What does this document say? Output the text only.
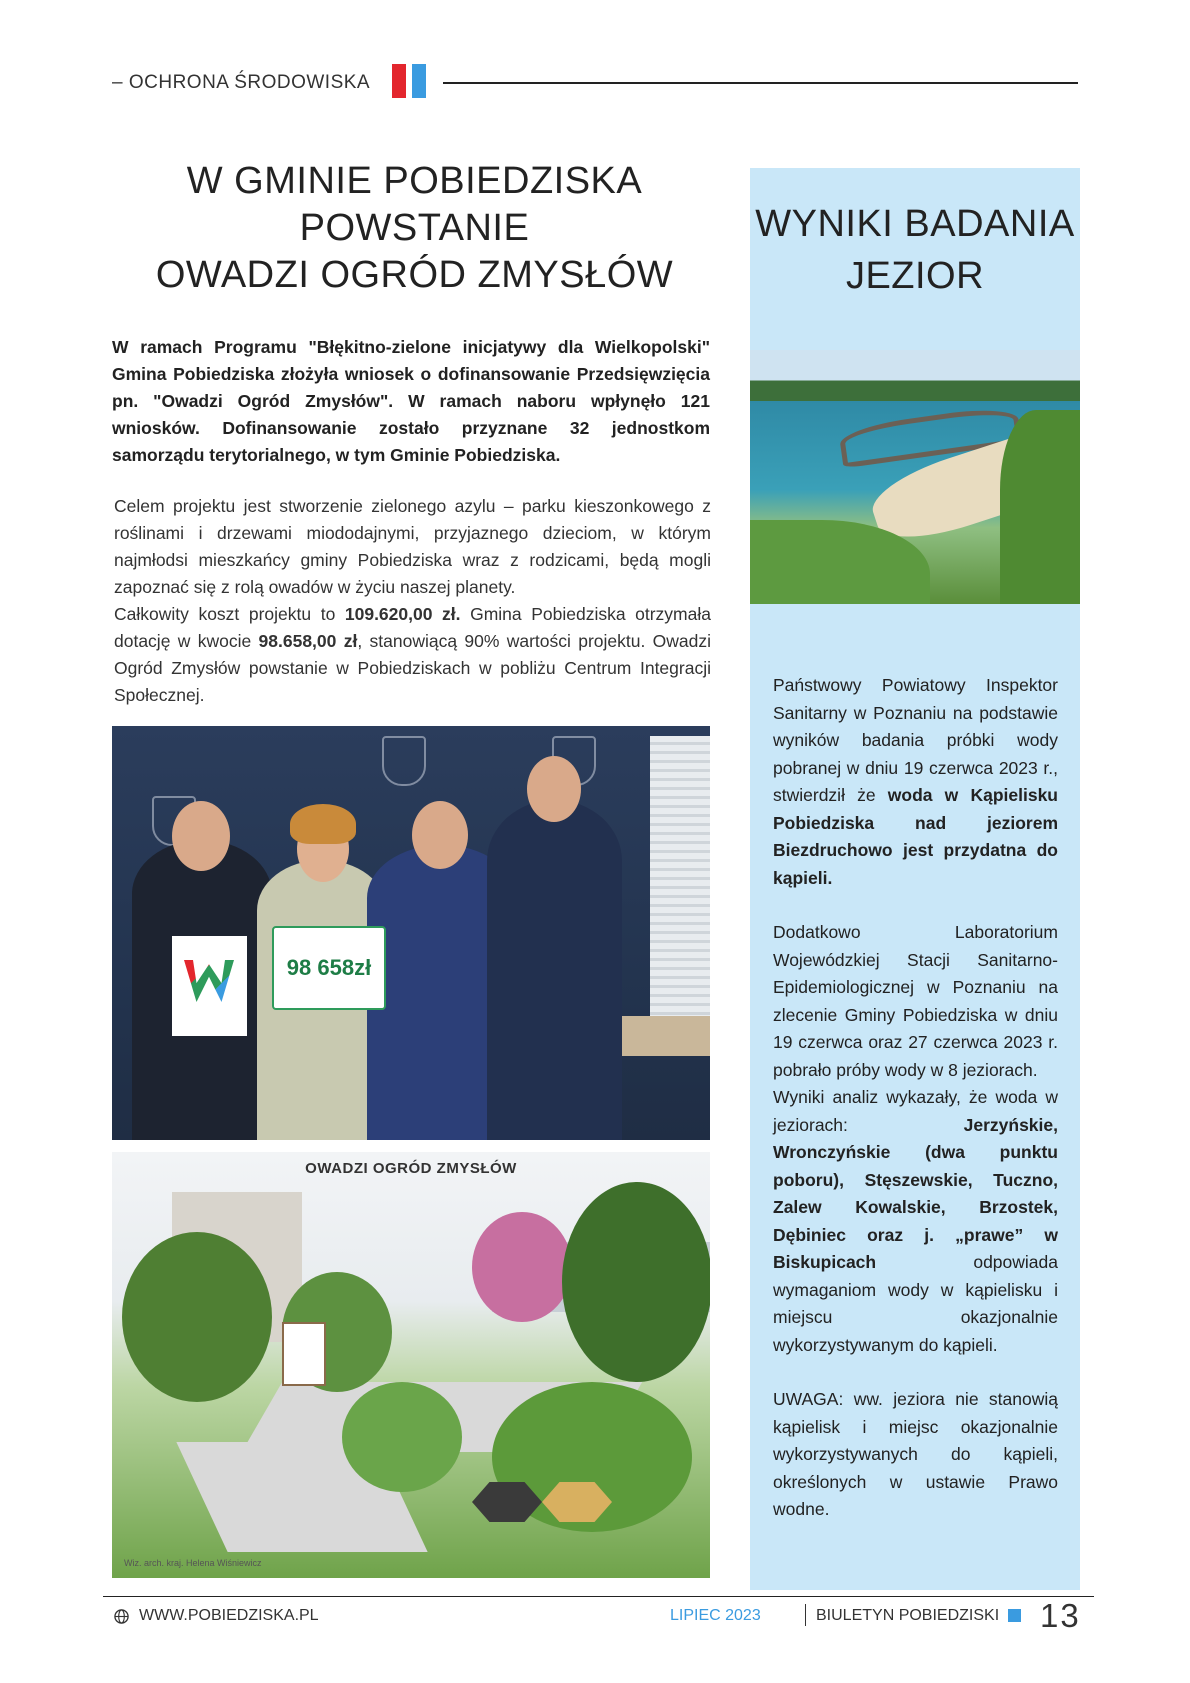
– OCHRONA ŚRODOWISKA
W GMINIE POBIEDZISKA
POWSTANIE
OWADZI OGRÓD ZMYSŁÓW
W ramach Programu "Błękitno-zielone inicjatywy dla Wielkopolski" Gmina Pobiedziska złożyła wniosek o dofinansowanie Przedsięwzięcia pn. "Owadzi Ogród Zmysłów". W ramach naboru wpłynęło 121 wniosków. Dofinansowanie zostało przyznane 32 jednostkom samorządu terytorialnego, w tym Gminie Pobiedziska.

Celem projektu jest stworzenie zielonego azylu – parku kieszonkowego z roślinami i drzewami miododajnymi, przyjaznego dzieciom, w którym najmłodsi mieszkańcy gminy Pobiedziska wraz z rodzicami, będą mogli zapoznać się z rolą owadów w życiu naszej planety.

Całkowity koszt projektu to 109.620,00 zł. Gmina Pobiedziska otrzymała dotację w kwocie 98.658,00 zł, stanowiącą 90% wartości projektu. Owadzi Ogród Zmysłów powstanie w Pobiedziskach w pobliżu Centrum Integracji Społecznej.

98 658zł
OWADZI OGRÓD ZMYSŁÓW
Wiz. arch. kraj. Helena Wiśniewicz
WYNIKI BADANIA
JEZIOR

Państwowy Powiatowy Inspektor Sanitarny w Poznaniu na podstawie wyników badania próbki wody pobranej w dniu 19 czerwca 2023 r., stwierdził że woda w Kąpielisku Pobiedziska nad jeziorem Biezdruchowo jest przydatna do kąpieli.

Dodatkowo Laboratorium Wojewódzkiej Stacji Sanitarno-Epidemiologicznej w Poznaniu na zlecenie Gminy Pobiedziska w dniu 19 czerwca oraz 27 czerwca 2023 r. pobrało próby wody w 8 jeziorach.

Wyniki analiz wykazały, że woda w jeziorach: Jerzyńskie, Wronczyńskie (dwa punktu poboru), Stęszewskie, Tuczno, Zalew Kowalskie, Brzostek, Dębiniec oraz j. „prawe” w Biskupicach odpowiada wymaganiom wody w kąpielisku i miejscu okazjonalnie wykorzystywanym do kąpieli.

UWAGA: ww. jeziora nie stanowią kąpielisk i miejsc okazjonalnie wykorzystywanych do kąpieli, określonych w ustawie Prawo wodne.

WWW.POBIEDZISKA.PL	LIPIEC 2023	BIULETYN POBIEDZISKI 13
